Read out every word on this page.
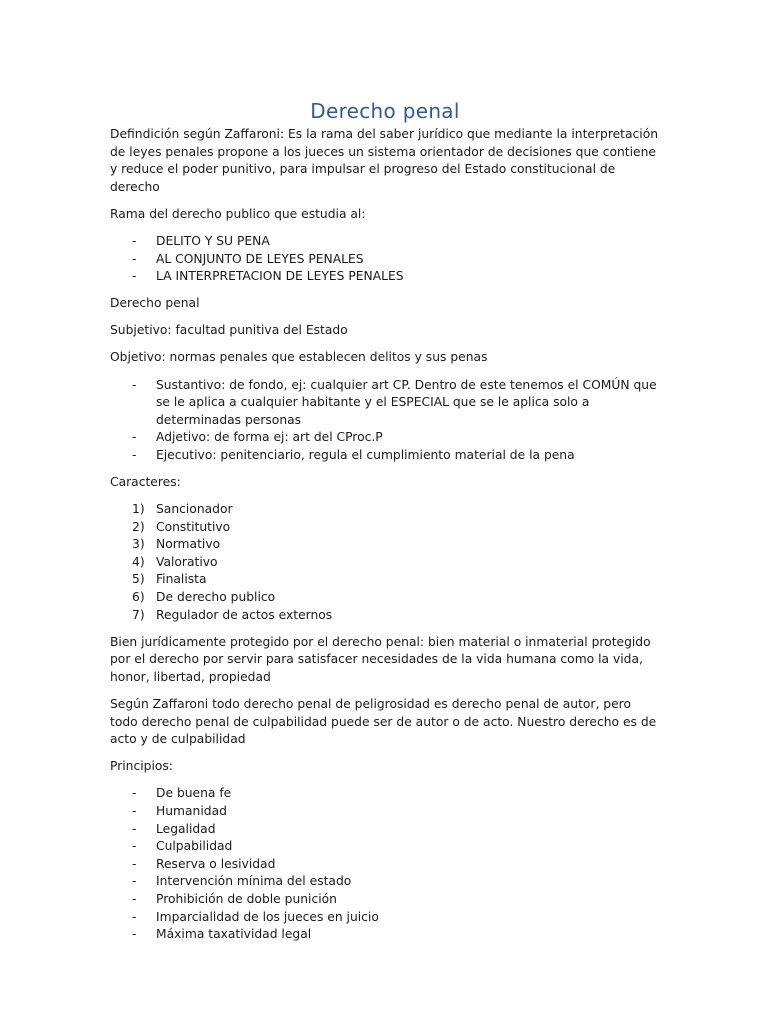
Derecho penal

Defindición según Zaffaroni: Es la rama del saber jurídico que mediante la interpretación de leyes penales propone a los jueces un sistema orientador de decisiones que contiene y reduce el poder punitivo, para impulsar el progreso del Estado constitucional de derecho

Rama del derecho publico que estudia al:

- DELITO Y SU PENA
- AL CONJUNTO DE LEYES PENALES
- LA INTERPRETACION DE LEYES PENALES

Derecho penal

Subjetivo: facultad punitiva del Estado

Objetivo: normas penales que establecen delitos y sus penas

- Sustantivo: de fondo, ej: cualquier art CP. Dentro de este tenemos el COMÚN que se le aplica a cualquier habitante y el ESPECIAL que se le aplica solo a determinadas personas
- Adjetivo: de forma ej: art del CProc.P
- Ejecutivo: penitenciario, regula el cumplimiento material de la pena

Caracteres:

1) Sancionador
2) Constitutivo
3) Normativo
4) Valorativo
5) Finalista
6) De derecho publico
7) Regulador de actos externos

Bien jurídicamente protegido por el derecho penal: bien material o inmaterial protegido por el derecho por servir para satisfacer necesidades de la vida humana como la vida, honor, libertad, propiedad

Según Zaffaroni todo derecho penal de peligrosidad es derecho penal de autor, pero todo derecho penal de culpabilidad puede ser de autor o de acto. Nuestro derecho es de acto y de culpabilidad

Principios:

- De buena fe
- Humanidad
- Legalidad
- Culpabilidad
- Reserva o lesividad
- Intervención mínima del estado
- Prohibición de doble punición
- Imparcialidad de los jueces en juicio
- Máxima taxatividad legal
